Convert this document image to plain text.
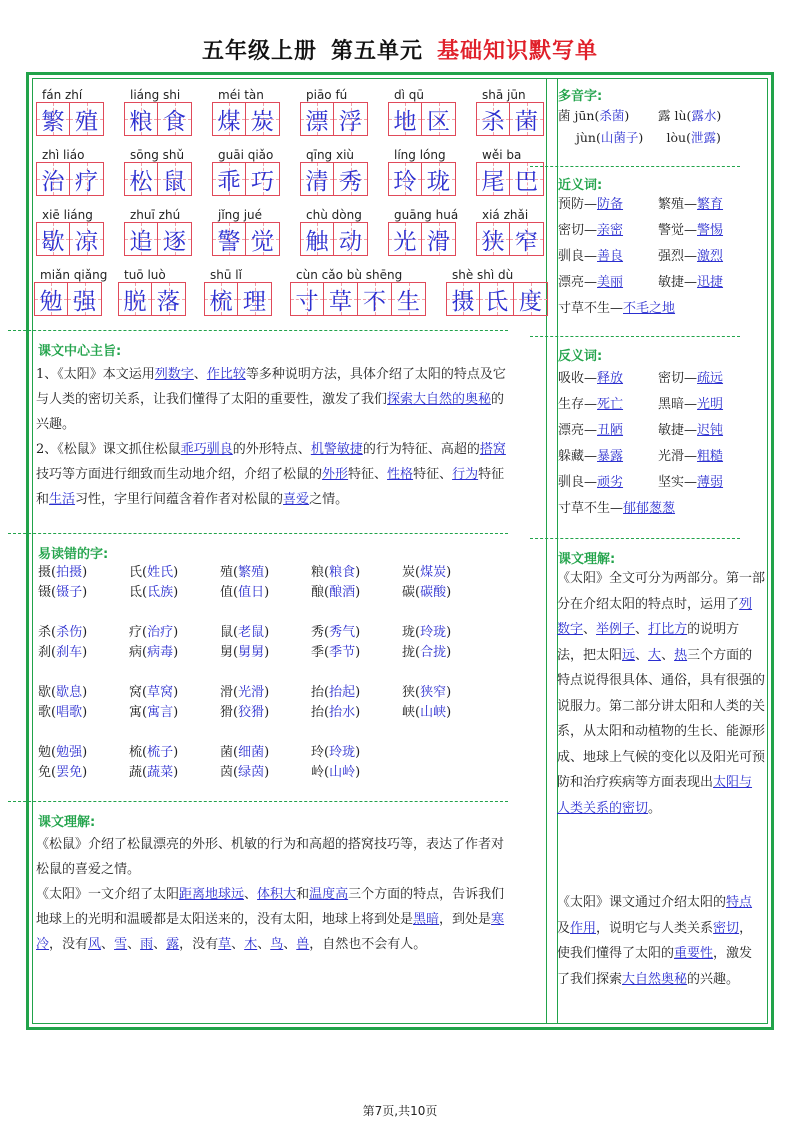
五年级上册 第五单元 基础知识默写单
fán zhí
繁 殖
liáng shi
粮 食
méi tàn
煤 炭
piāo fú
漂 浮
dì qū
地 区
shā jūn
杀 菌
zhì liáo
治 疗
sōng shǔ
松 鼠
guāi qiǎo
乖 巧
qīng xiù
清 秀
líng lóng
玲 珑
wěi ba
尾 巴
xiē liáng
歇 凉
zhuī zhú
追 逐
jǐng jué
警 觉
chù dòng
触 动
guāng huá
光 滑
xiá zhǎi
狭 窄
miǎn qiǎng
勉 强
tuō luò
脱 落
shū lǐ
梳 理
cùn cǎo bù shēng
寸 草 不 生
shè shì dù
摄 氏 度
课文中心主旨:
1、《太阳》本文运用列数字、作比较等多种说明方法，具体介绍了太阳的特点及它与人类的密切关系，让我们懂得了太阳的重要性，激发了我们探索大自然的奥秘的兴趣。
2、《松鼠》课文抓住松鼠乖巧驯良的外形特点、机警敏捷的行为特征、高超的搭窝技巧等方面进行细致而生动地介绍，介绍了松鼠的外形特征、性格特征、行为特征和生活习性，字里行间蕴含着作者对松鼠的喜爱之情。
易读错的字:
摄(拍摄)	氏(姓氏)	殖(繁殖)	粮(粮食)	炭(煤炭)
镊(镊子)	氐(氐族)	值(值日)	酿(酿酒)	碳(碳酸)
杀(杀伤)	疗(治疗)	鼠(老鼠)	秀(秀气)	珑(玲珑)
刹(刹车)	病(病毒)	舅(舅舅)	季(季节)	拢(合拢)
歇(歇息)	窝(草窝)	滑(光滑)	抬(抬起)	狭(狭窄)
歌(唱歌)	寓(寓言)	猾(狡猾)	抬(抬水)	峡(山峡)
勉(勉强)	梳(梳子)	菌(细菌)	玲(玲珑)
免(罢免)	蔬(蔬菜)	茵(绿茵)	岭(山岭)
课文理解:
《松鼠》介绍了松鼠漂亮的外形、机敏的行为和高超的搭窝技巧等，表达了作者对松鼠的喜爱之情。
《太阳》一文介绍了太阳距离地球远、体积大和温度高三个方面的特点，告诉我们地球上的光明和温暖都是太阳送来的，没有太阳，地球上将到处是黑暗，到处是寒冷，没有风、雪、雨、露，没有草、木、鸟、兽，自然也不会有人。
多音字:
菌 jūn(杀菌)	露 lù(露水)
jùn(山菌子)	lòu(泄露)
近义词:
预防—防备	繁殖—繁育
密切—亲密	警觉—警惕
驯良—善良	强烈—激烈
漂亮—美丽	敏捷—迅捷
寸草不生—不毛之地
反义词:
吸收—释放	密切—疏远
生存—死亡	黑暗—光明
漂亮—丑陋	敏捷—迟钝
躲藏—暴露	光滑—粗糙
驯良—顽劣	坚实—薄弱
寸草不生—郁郁葱葱
课文理解:
《太阳》全文可分为两部分。第一部分在介绍太阳的特点时，运用了列数字、举例子、打比方的说明方法，把太阳远、大、热三个方面的特点说得很具体、通俗，具有很强的说服力。第二部分讲太阳和人类的关系，从太阳和动植物的生长、能源形成、地球上气候的变化以及阳光可预防和治疗疾病等方面表现出太阳与人类关系的密切。
《太阳》课文通过介绍太阳的特点及作用，说明它与人类关系密切，使我们懂得了太阳的重要性，激发了我们探索大自然奥秘的兴趣。
第7页,共10页
